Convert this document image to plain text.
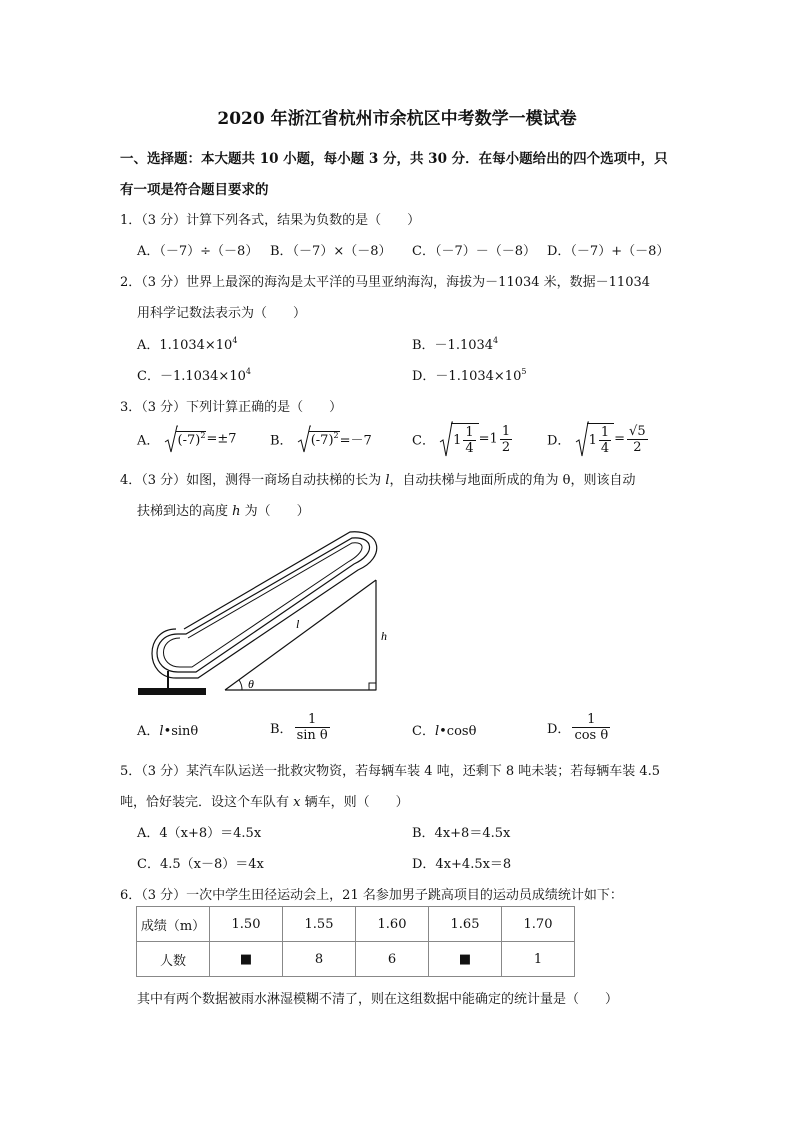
2020 年浙江省杭州市余杭区中考数学一模试卷
一、选择题：本大题共 10 小题，每小题 3 分，共 30 分．在每小题给出的四个选项中，只
有一项是符合题目要求的
1．（3 分）计算下列各式，结果为负数的是（　　）
A．（－7）÷（－8） B．（－7）×（－8） C．（－7）－（－8） D．（－7）+（－8）
2．（3 分）世界上最深的海沟是太平洋的马里亚纳海沟，海拔为－11034 米，数据－11034
用科学记数法表示为（　　）
A．$1.1034\times 10^4$	B．$-1.1034^4$
C．$-1.1034\times 10^4$	D．$-1.1034\times 10^5$
3．（3 分）下列计算正确的是（　　）
A． $(-7)^2=\pm 7$	B． $(-7)^2=-7$	C． $1 \frac{1}{4} =1 \frac{1}{2}$	D． $1 \frac{1}{4} = \frac{√5}{2}$
4．（3 分）如图，测得一商场自动扶梯的长为 l，自动扶梯与地面所成的角为 θ，则该自动
扶梯到达的高度 h 为（　　）
l
h
θ
A．l•sinθ	B． $\frac{1}{\text{sin θ}}$	C．l•cosθ	D． $\frac{1}{\text{cos θ}}$
5．（3 分）某汽车队运送一批救灾物资，若每辆车装 4 吨，还剩下 8 吨未装；若每辆车装 4.5
吨，恰好装完．设这个车队有 x 辆车，则（　　）
A．4（x+8）＝4.5x	B．4x+8＝4.5x
C．4.5（x－8）＝4x	D．4x+4.5x＝8
6．（3 分）一次中学生田径运动会上，21 名参加男子跳高项目的运动员成绩统计如下：
成绩（m）	1.50	1.55	1.60	1.65	1.70
人数	■	8	6	■	1
其中有两个数据被雨水淋湿模糊不清了，则在这组数据中能确定的统计量是（　　）
